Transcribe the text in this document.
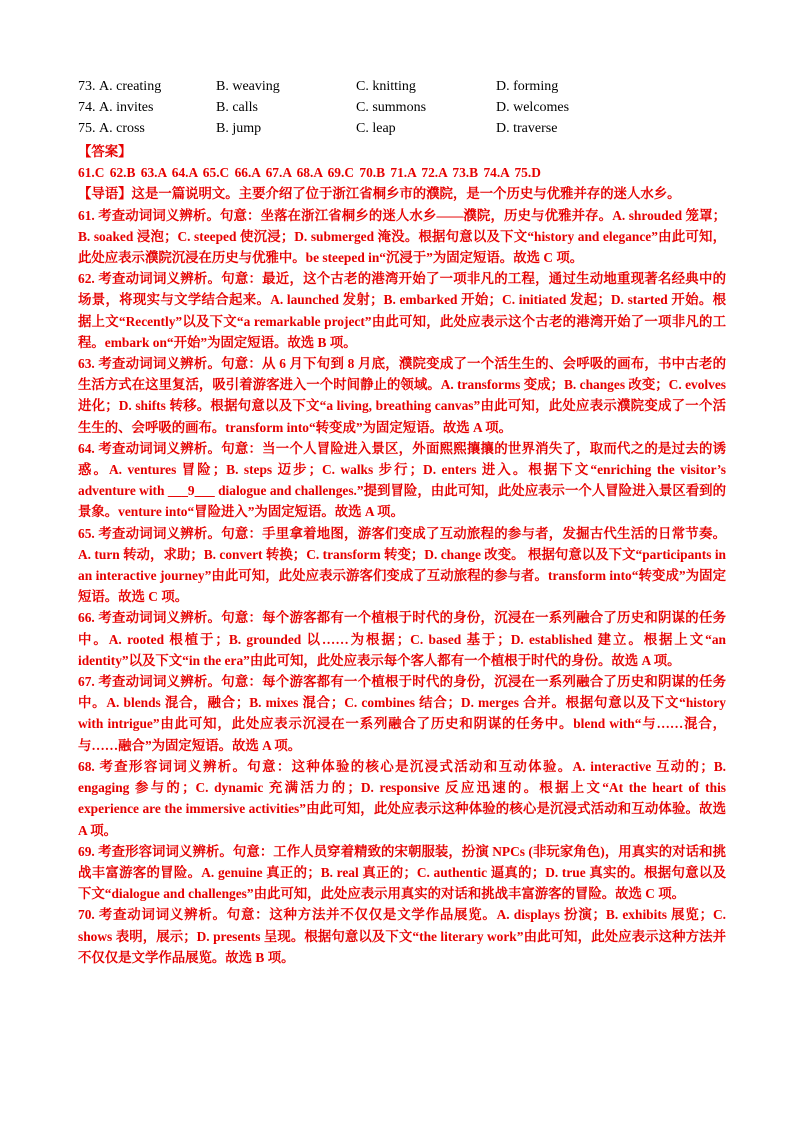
73. A. creating	B. weaving	C. knitting	D. forming
74. A. invites	B. calls	C. summons	D. welcomes
75. A. cross	B. jump	C. leap	D. traverse
【答案】
61.C 62.B 63.A 64.A 65.C 66.A 67.A 68.A 69.C 70.B 71.A 72.A 73.B 74.A 75.D
【导语】这是一篇说明文。主要介绍了位于浙江省桐乡市的濮院，是一个历史与优雅并存的迷人水乡。
61. 考查动词词义辨析。句意：坐落在浙江省桐乡的迷人水乡——濮院，历史与优雅并存。A. shrouded 笼罩；B. soaked 浸泡；C. steeped 使沉浸；D. submerged 淹没。根据句意以及下文“history and elegance”由此可知，此处应表示濮院沉浸在历史与优雅中。be steeped in“沉浸于”为固定短语。故选 C 项。
62. 考查动词词义辨析。句意：最近，这个古老的港湾开始了一项非凡的工程，通过生动地重现著名经典中的场景，将现实与文学结合起来。A. launched 发射；B. embarked 开始；C. initiated 发起；D. started 开始。根据上文“Recently”以及下文“a remarkable project”由此可知，此处应表示这个古老的港湾开始了一项非凡的工程。embark on“开始”为固定短语。故选 B 项。
63. 考查动词词义辨析。句意：从 6 月下旬到 8 月底，濮院变成了一个活生生的、会呼吸的画布，书中古老的生活方式在这里复活，吸引着游客进入一个时间静止的领域。A. transforms 变成；B. changes 改变；C. evolves 进化；D. shifts 转移。根据句意以及下文“a living, breathing canvas”由此可知，此处应表示濮院变成了一个活生生的、会呼吸的画布。transform into“转变成”为固定短语。故选 A 项。
64. 考查动词词义辨析。句意：当一个人冒险进入景区，外面熙熙攘攘的世界消失了，取而代之的是过去的诱惑。A. ventures 冒险；B. steps 迈步；C. walks 步行；D. enters 进入。根据下文“enriching the visitor’s adventure with ___9___ dialogue and challenges.”提到冒险，由此可知，此处应表示一个人冒险进入景区看到的景象。venture into“冒险进入”为固定短语。故选 A 项。
65. 考查动词词义辨析。句意：手里拿着地图，游客们变成了互动旅程的参与者，发掘古代生活的日常节奏。A. turn 转动，求助；B. convert 转换；C. transform 转变；D. change 改变。 根据句意以及下文“participants in an interactive journey”由此可知，此处应表示游客们变成了互动旅程的参与者。transform into“转变成”为固定短语。故选 C 项。
66. 考查动词词义辨析。句意：每个游客都有一个植根于时代的身份，沉浸在一系列融合了历史和阴谋的任务中。A. rooted 根植于；B. grounded 以……为根据；C. based 基于；D. established 建立。根据上文“an identity”以及下文“in the era”由此可知，此处应表示每个客人都有一个植根于时代的身份。故选 A 项。
67. 考查动词词义辨析。句意：每个游客都有一个植根于时代的身份，沉浸在一系列融合了历史和阴谋的任务中。A. blends 混合，融合；B. mixes 混合；C. combines 结合；D. merges 合并。根据句意以及下文“history with intrigue”由此可知，此处应表示沉浸在一系列融合了历史和阴谋的任务中。blend with“与……混合，与……融合”为固定短语。故选 A 项。
68. 考查形容词词义辨析。句意：这种体验的核心是沉浸式活动和互动体验。A. interactive 互动的；B. engaging 参与的；C. dynamic 充满活力的；D. responsive 反应迅速的。根据上文“At the heart of this experience are the immersive activities”由此可知，此处应表示这种体验的核心是沉浸式活动和互动体验。故选 A 项。
69. 考查形容词词义辨析。句意：工作人员穿着精致的宋朝服装，扮演 NPCs (非玩家角色)，用真实的对话和挑战丰富游客的冒险。A. genuine 真正的；B. real 真正的；C. authentic 逼真的；D. true 真实的。根据句意以及下文“dialogue and challenges”由此可知，此处应表示用真实的对话和挑战丰富游客的冒险。故选 C 项。
70. 考查动词词义辨析。句意：这种方法并不仅仅是文学作品展览。A. displays 扮演；B. exhibits 展览；C. shows 表明，展示；D. presents 呈现。根据句意以及下文“the literary work”由此可知，此处应表示这种方法并不仅仅是文学作品展览。故选 B 项。
